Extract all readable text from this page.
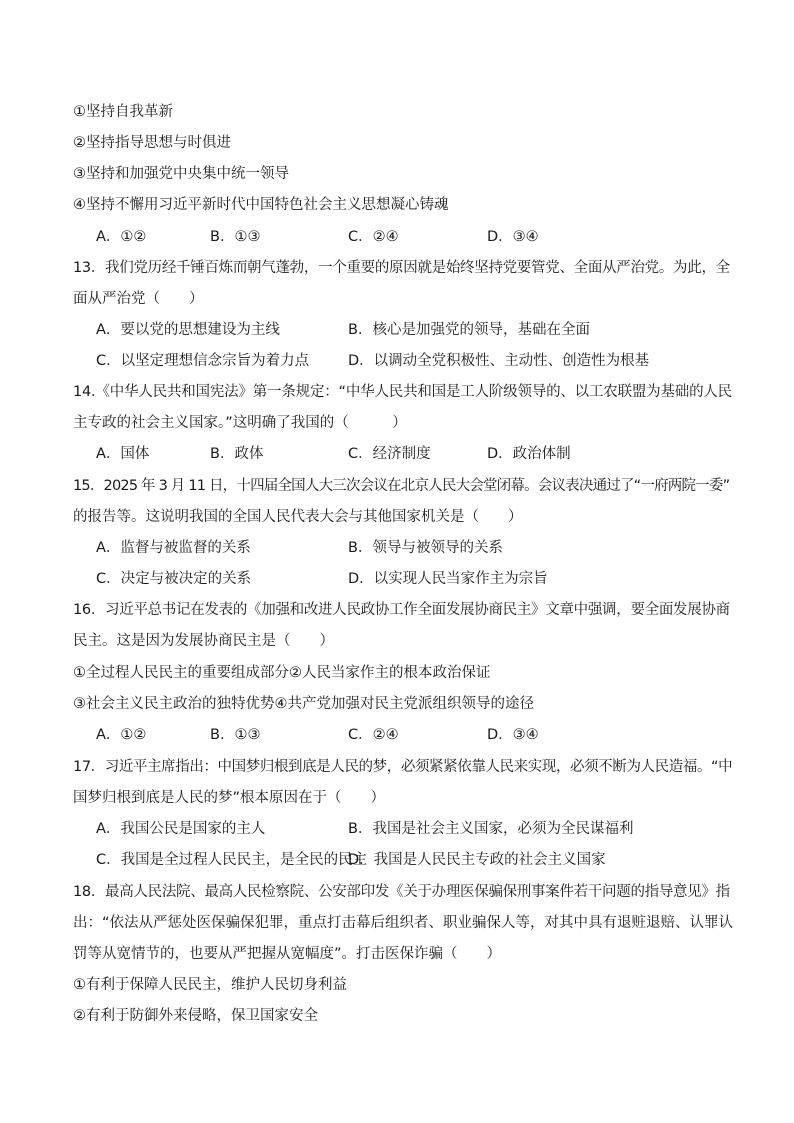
①坚持自我革新
②坚持指导思想与时俱进
③坚持和加强党中央集中统一领导
④坚持不懈用习近平新时代中国特色社会主义思想凝心铸魂
A．①②	B．①③	C．②④	D．③④
13．我们党历经千锤百炼而朝气蓬勃，一个重要的原因就是始终坚持党要管党、全面从严治党。为此，全
面从严治党（　　）
A．要以党的思想建设为主线	B．核心是加强党的领导，基础在全面
C．以坚定理想信念宗旨为着力点	D．以调动全党积极性、主动性、创造性为根基
14.《中华人民共和国宪法》第一条规定：“中华人民共和国是工人阶级领导的、以工农联盟为基础的人民
主专政的社会主义国家。”这明确了我国的（　　　）
A．国体	B．政体	C．经济制度	D．政治体制
15．2025 年 3 月 11 日，十四届全国人大三次会议在北京人民大会堂闭幕。会议表决通过了“一府两院一委”
的报告等。这说明我国的全国人民代表大会与其他国家机关是（　　）
A．监督与被监督的关系	B．领导与被领导的关系
C．决定与被决定的关系	D．以实现人民当家作主为宗旨
16．习近平总书记在发表的《加强和改进人民政协工作全面发展协商民主》文章中强调，要全面发展协商
民主。这是因为发展协商民主是（　　）
①全过程人民民主的重要组成部分②人民当家作主的根本政治保证
③社会主义民主政治的独特优势④共产党加强对民主党派组织领导的途径
A．①②	B．①③	C．②④	D．③④
17．习近平主席指出：中国梦归根到底是人民的梦，必须紧紧依靠人民来实现，必须不断为人民造福。“中
国梦归根到底是人民的梦”根本原因在于（　　）
A．我国公民是国家的主人	B．我国是社会主义国家，必须为全民谋福利
C．我国是全过程人民民主，是全民的民主
D．我国是人民民主专政的社会主义国家
18．最高人民法院、最高人民检察院、公安部印发《关于办理医保骗保刑事案件若干问题的指导意见》指
出：“依法从严惩处医保骗保犯罪，重点打击幕后组织者、职业骗保人等，对其中具有退赃退赔、认罪认
罚等从宽情节的，也要从严把握从宽幅度”。打击医保诈骗（　　）
①有利于保障人民民主，维护人民切身利益
②有利于防御外来侵略，保卫国家安全
